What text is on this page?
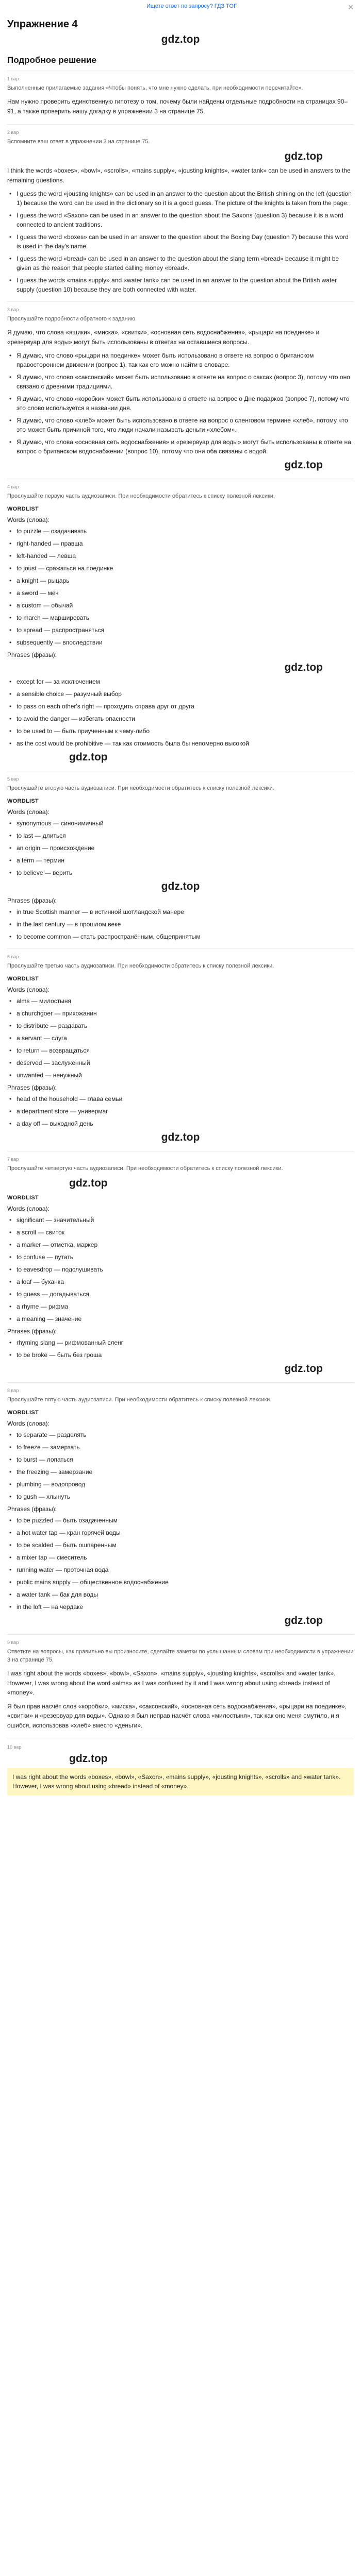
Ищете ответ по запросу? ГДЗ ТОП	✕
Упражнение 4
gdz.top
Подробное решение
1 вар
Выполненные прилагаемые задания «Чтобы понять, что мне нужно сделать, при необходимости перечитайте».
Нам нужно проверить единственную гипотезу о том, почему были найдены отдельные подробности на страницах 90–91, а также проверить нашу догадку в упражнении 3 на странице 75.
2 вар
Вспомните ваш ответ в упражнении 3 на странице 75.
gdz.top
I think the words «boxes», «bowl», «scrolls», «mains supply», «jousting knights», «water tank» can be used in answers to the remaining questions.
• I guess the word «jousting knights» can be used in an answer to the question about the British shining on the left (question 1) because the word can be used in the dictionary so it is a good guess. The picture of the knights is taken from the page.
• I guess the word «Saxon» can be used in an answer to the question about the Saxons (question 3) because it is a word connected to ancient traditions.
• I guess the word «boxes» can be used in an answer to the question about the Boxing Day (question 7) because this word is used in the day's name.
• I guess the word «bread» can be used in an answer to the question about the slang term «bread» because it might be given as the reason that people started calling money «bread».
• I guess the words «mains supply» and «water tank» can be used in an answer to the question about the British water supply (question 10) because they are both connected with water.
3 вар
Прослушайте подробности обратного к заданию.
Я думаю, что слова «ящики», «миска», «свитки», «основная сеть водоснабжения», «рыцари на поединке» и «резервуар для воды» могут быть использованы в ответах на оставшиеся вопросы.
• Я думаю, что слово «рыцари на поединке» может быть использовано в ответе на вопрос о британском правостороннем движении (вопрос 1), так как его можно найти в словаре.
• Я думаю, что слово «саксонский» может быть использовано в ответе на вопрос о саксах (вопрос 3), потому что оно связано с древними традициями.
• Я думаю, что слово «коробки» может быть использовано в ответе на вопрос о Дне подарков (вопрос 7), потому что это слово используется в названии дня.
• Я думаю, что слово «хлеб» может быть использовано в ответе на вопрос о сленговом термине «хлеб», потому что это может быть причиной того, что люди начали называть деньги «хлебом».
• Я думаю, что слова «основная сеть водоснабжения» и «резервуар для воды» могут быть использованы в ответе на вопрос о британском водоснабжении (вопрос 10), потому что они оба связаны с водой.
gdz.top
4 вар
Прослушайте первую часть аудиозаписи. При необходимости обратитесь к списку полезной лексики.
WORDLIST
Words (слова):
• to puzzle — озадачивать
• right-handed — правша
• left-handed — левша
• to joust — сражаться на поединке
• a knight — рыцарь
• a sword — меч
• a custom — обычай
• to march — маршировать
• to spread — распространяться
• subsequently — впоследствии
Phrases (фразы):
gdz.top
• except for — за исключением
• a sensible choice — разумный выбор
• to pass on each other's right — проходить справа друг от друга
• to avoid the danger — избегать опасности
• to be used to — быть приученным к чему-либо
• as the cost would be prohibitive — так как стоимость была бы непомерно высокой
gdz.top
5 вар
Прослушайте вторую часть аудиозаписи. При необходимости обратитесь к списку полезной лексики.
WORDLIST
Words (слова):
• synonymous — синонимичный
• to last — длиться
• an origin — происхождение
• a term — термин
• to believe — верить
gdz.top
Phrases (фразы):
• in true Scottish manner — в истинной шотландской манере
• in the last century — в прошлом веке
• to become common — стать распространённым, общепринятым
6 вар
Прослушайте третью часть аудиозаписи. При необходимости обратитесь к списку полезной лексики.
WORDLIST
Words (слова):
• alms — милостыня
• a churchgoer — прихожанин
• to distribute — раздавать
• a servant — слуга
• to return — возвращаться
• deserved — заслуженный
• unwanted — ненужный
Phrases (фразы):
• head of the household — глава семьи
• a department store — универмаг
• a day off — выходной день
gdz.top
7 вар
Прослушайте четвертую часть аудиозаписи. При необходимости обратитесь к списку полезной лексики.
gdz.top
WORDLIST
Words (слова):
• significant — значительный
• a scroll — свиток
• a marker — отметка, маркер
• to confuse — путать
• to eavesdrop — подслушивать
• a loaf — буханка
• to guess — догадываться
• a rhyme — рифма
• a meaning — значение
Phrases (фразы):
• rhyming slang — рифмованный сленг
• to be broke — быть без гроша
gdz.top
8 вар
Прослушайте пятую часть аудиозаписи. При необходимости обратитесь к списку полезной лексики.
WORDLIST
Words (слова):
• to separate — разделять
• to freeze — замерзать
• to burst — лопаться
• the freezing — замерзание
• plumbing — водопровод
• to gush — хлынуть
Phrases (фразы):
• to be puzzled — быть озадаченным
• a hot water tap — кран горячей воды
• to be scalded — быть ошпаренным
• a mixer tap — смеситель
• running water — проточная вода
• public mains supply — общественное водоснабжение
• a water tank — бак для воды
• in the loft — на чердаке
gdz.top
9 вар
Ответьте на вопросы, как правильно вы произносите, сделайте заметки по услышанным словам при необходимости в упражнении 3 на странице 75.
I was right about the words «boxes», «bowl», «Saxon», «mains supply», «jousting knights», «scrolls» and «water tank». However, I was wrong about the word «alms» as I was confused by it and I was wrong about using «bread» instead of «money».
Я был прав насчёт слов «коробки», «миска», «саксонский», «основная сеть водоснабжения», «рыцари на поединке», «свитки» и «резервуар для воды». Однако я был неправ насчёт слова «милостыня», так как оно меня смутило, и я ошибся, использовав «хлеб» вместо «деньги».
10 вар
gdz.top
I was right about the words «boxes», «bowl», «Saxon», «mains supply», «jousting knights», «scrolls» and «water tank». However, I was wrong about using «bread» instead of «money».
